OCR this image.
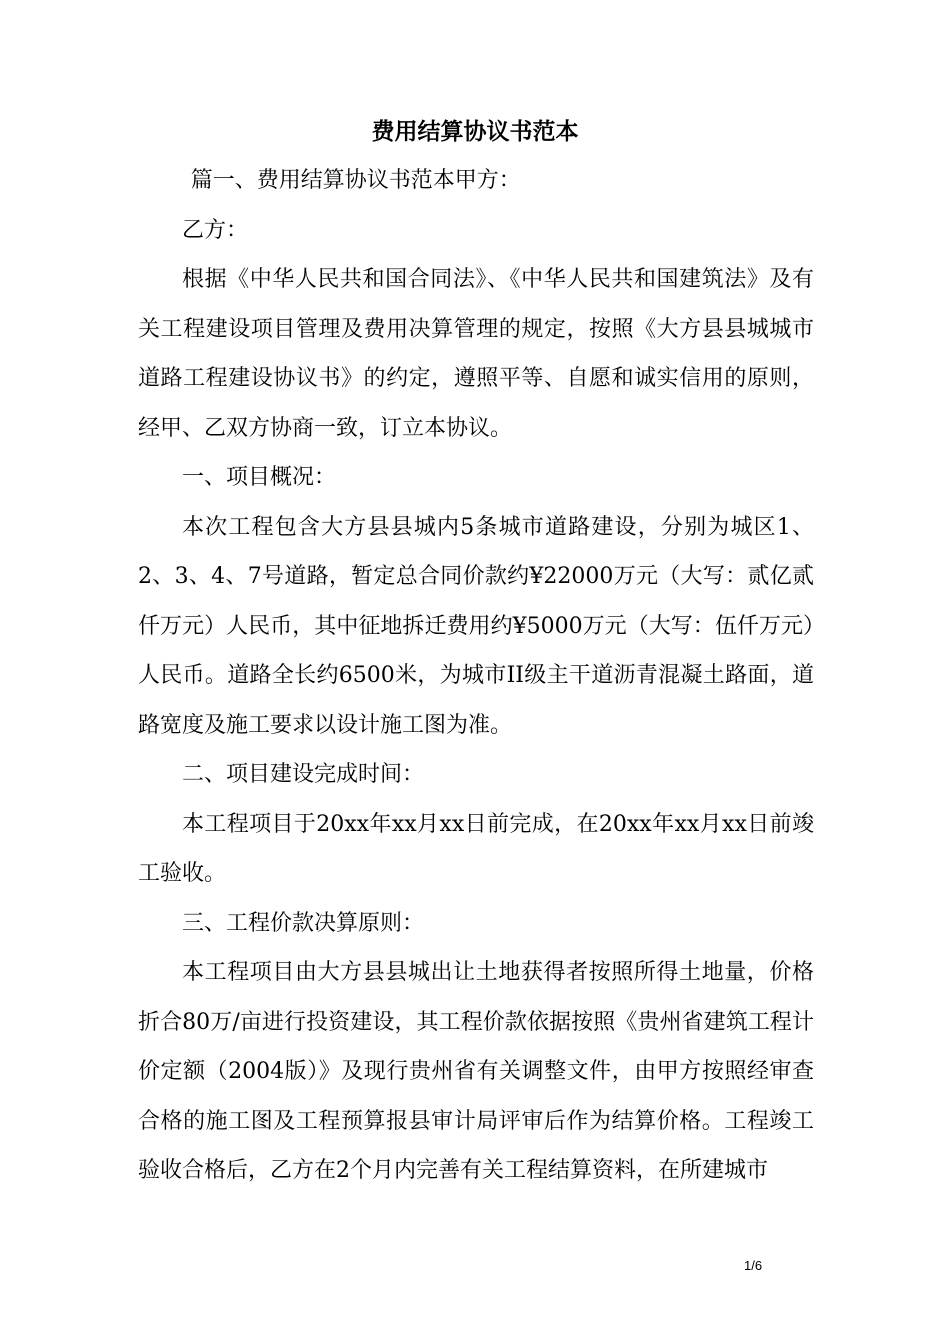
费用结算协议书范本

篇一、费用结算协议书范本甲方：

乙方：

根据《中华人民共和国合同法》、《中华人民共和国建筑法》及有关工程建设项目管理及费用决算管理的规定，按照《大方县县城城市道路工程建设协议书》的约定，遵照平等、自愿和诚实信用的原则，经甲、乙双方协商一致，订立本协议。

一、项目概况：

本次工程包含大方县县城内5条城市道路建设，分别为城区1、2、3、4、7号道路，暂定总合同价款约¥22000万元（大写：贰亿贰仟万元）人民币，其中征地拆迁费用约¥5000万元（大写：伍仟万元）人民币。道路全长约6500米，为城市II级主干道沥青混凝土路面，道路宽度及施工要求以设计施工图为准。

二、项目建设完成时间：

本工程项目于20xx年xx月xx日前完成，在20xx年xx月xx日前竣工验收。

三、工程价款决算原则：

本工程项目由大方县县城出让土地获得者按照所得土地量，价格折合80万/亩进行投资建设，其工程价款依据按照《贵州省建筑工程计价定额（2004版）》及现行贵州省有关调整文件，由甲方按照经审查合格的施工图及工程预算报县审计局评审后作为结算价格。工程竣工验收合格后，乙方在2个月内完善有关工程结算资料，在所建城市

1/6
